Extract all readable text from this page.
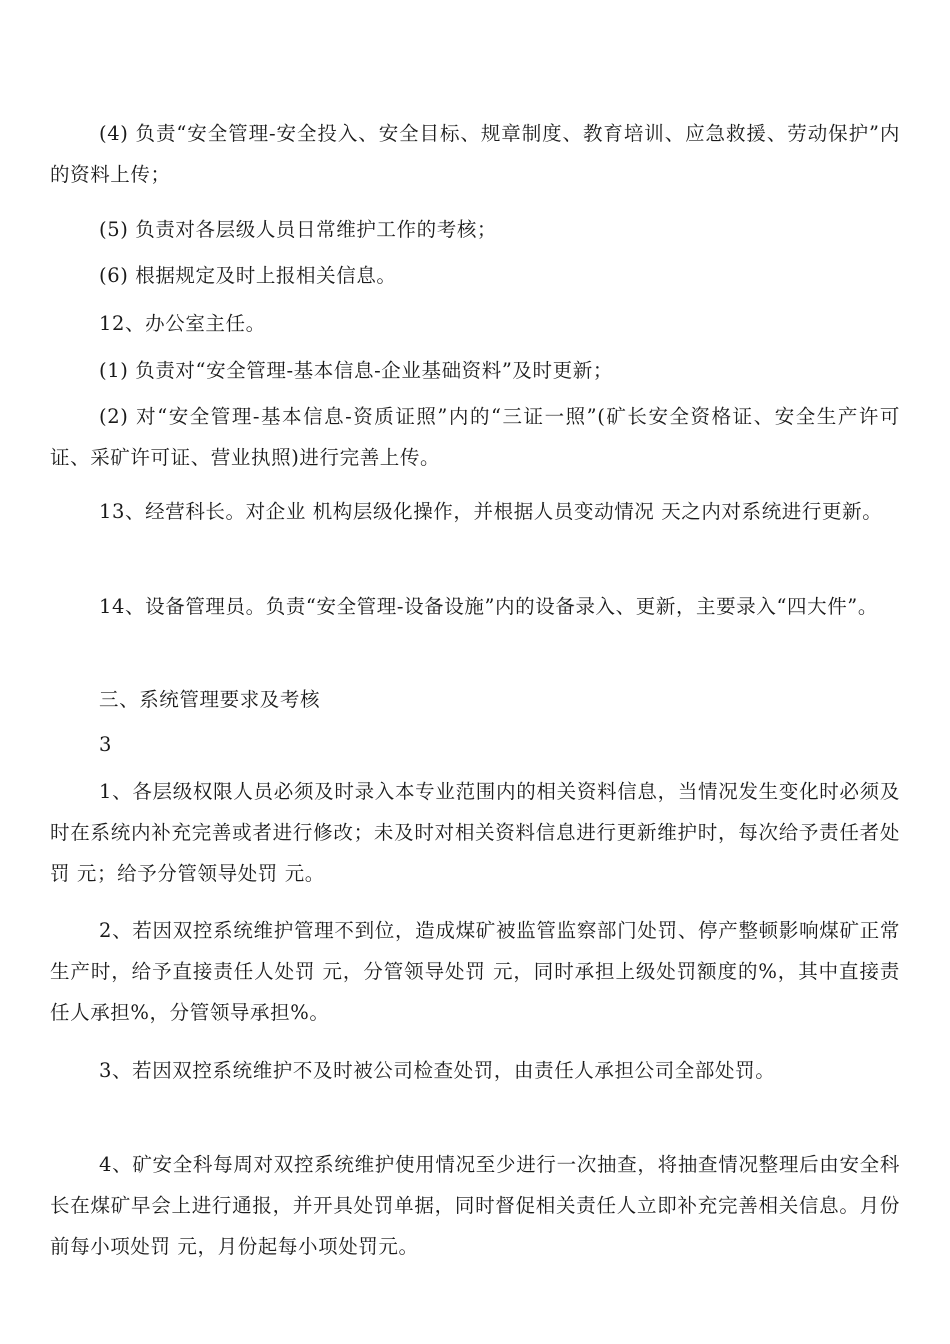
(4) 负责“安全管理-安全投入、安全目标、规章制度、教育培训、应急救援、劳动保护”内的资料上传；

(5) 负责对各层级人员日常维护工作的考核；

(6) 根据规定及时上报相关信息。

12、办公室主任。

(1) 负责对“安全管理-基本信息-企业基础资料”及时更新；

(2) 对“安全管理-基本信息-资质证照”内的“三证一照”(矿长安全资格证、安全生产许可证、采矿许可证、营业执照)进行完善上传。

13、经营科长。对企业 机构层级化操作，并根据人员变动情况 天之内对系统进行更新。

14、设备管理员。负责“安全管理-设备设施”内的设备录入、更新，主要录入“四大件”。

三、系统管理要求及考核

3

1、各层级权限人员必须及时录入本专业范围内的相关资料信息，当情况发生变化时必须及时在系统内补充完善或者进行修改；未及时对相关资料信息进行更新维护时，每次给予责任者处罚 元；给予分管领导处罚 元。

2、若因双控系统维护管理不到位，造成煤矿被监管监察部门处罚、停产整顿影响煤矿正常生产时，给予直接责任人处罚 元，分管领导处罚 元，同时承担上级处罚额度的%，其中直接责任人承担%，分管领导承担%。

3、若因双控系统维护不及时被公司检查处罚，由责任人承担公司全部处罚。

4、矿安全科每周对双控系统维护使用情况至少进行一次抽查，将抽查情况整理后由安全科长在煤矿早会上进行通报，并开具处罚单据，同时督促相关责任人立即补充完善相关信息。月份前每小项处罚 元，月份起每小项处罚元。
